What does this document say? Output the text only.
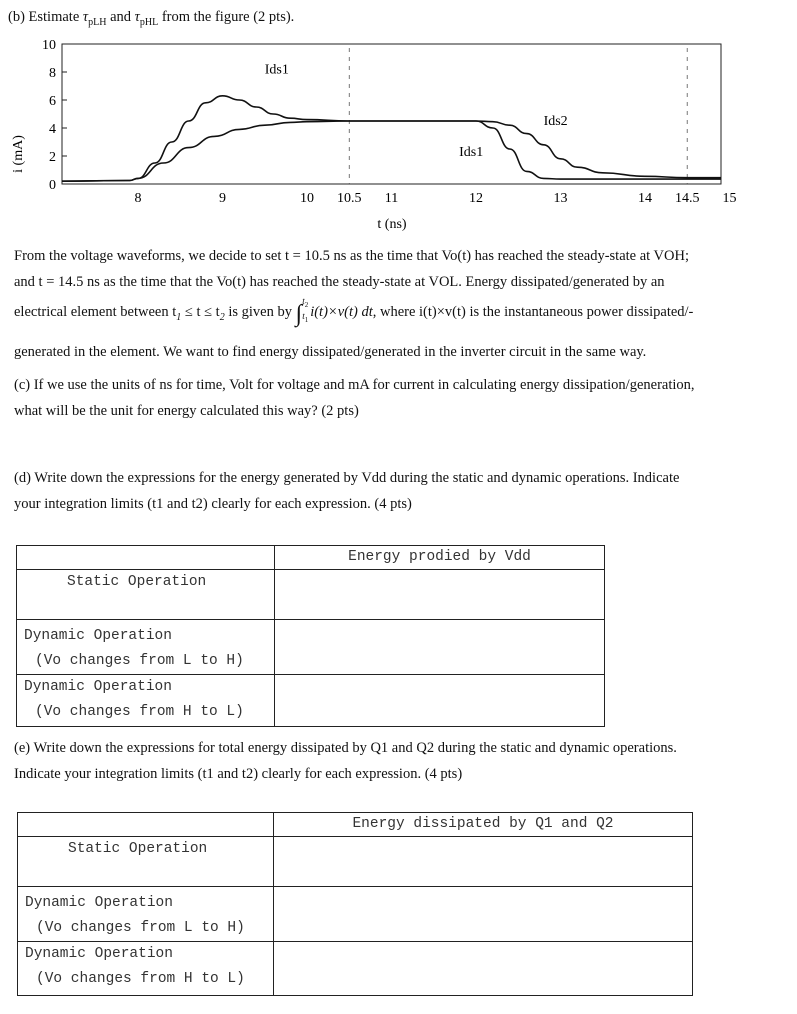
(b) Estimate $\tau_{pLH}$ and $\tau_{pHL}$ from the figure (2 pts).
0
2
4
6
8
10
8	9	10 10.5 11	12	13	14 14.5 15
Ids1
Ids2
Ids1
i (mA)
t (ns)
From the voltage waveforms, we decide to set t = 10.5 ns as the time that Vo(t) has reached the steady-state at VOH;
and t = 14.5 ns as the time that the Vo(t) has reached the steady-state at VOL. Energy dissipated/generated by an
electrical element between $t_1 \le t \le t_2$ is given by $\int t_2$
$t_1$ i(t)×v(t) dt, where i(t)×v(t) is the instantaneous power dissipated/-
generated in the element. We want to find energy dissipated/generated in the inverter circuit in the same way.
(c) If we use the units of ns for time, Volt for voltage and mA for current in calculating energy dissipation/generation,
what will be the unit for energy calculated this way? (2 pts)
(d) Write down the expressions for the energy generated by Vdd during the static and dynamic operations. Indicate
your integration limits (t1 and t2) clearly for each expression. (4 pts)
	Energy prodied by Vdd

Static Operation	

Dynamic Operation
(Vo changes from L to H)	

Dynamic Operation
(Vo changes from H to L)	

(e) Write down the expressions for total energy dissipated by Q1 and Q2 during the static and dynamic operations.
Indicate your integration limits (t1 and t2) clearly for each expression. (4 pts)
	Energy dissipated by Q1 and Q2

Static Operation	

Dynamic Operation
(Vo changes from L to H)	

Dynamic Operation
(Vo changes from H to L)	
